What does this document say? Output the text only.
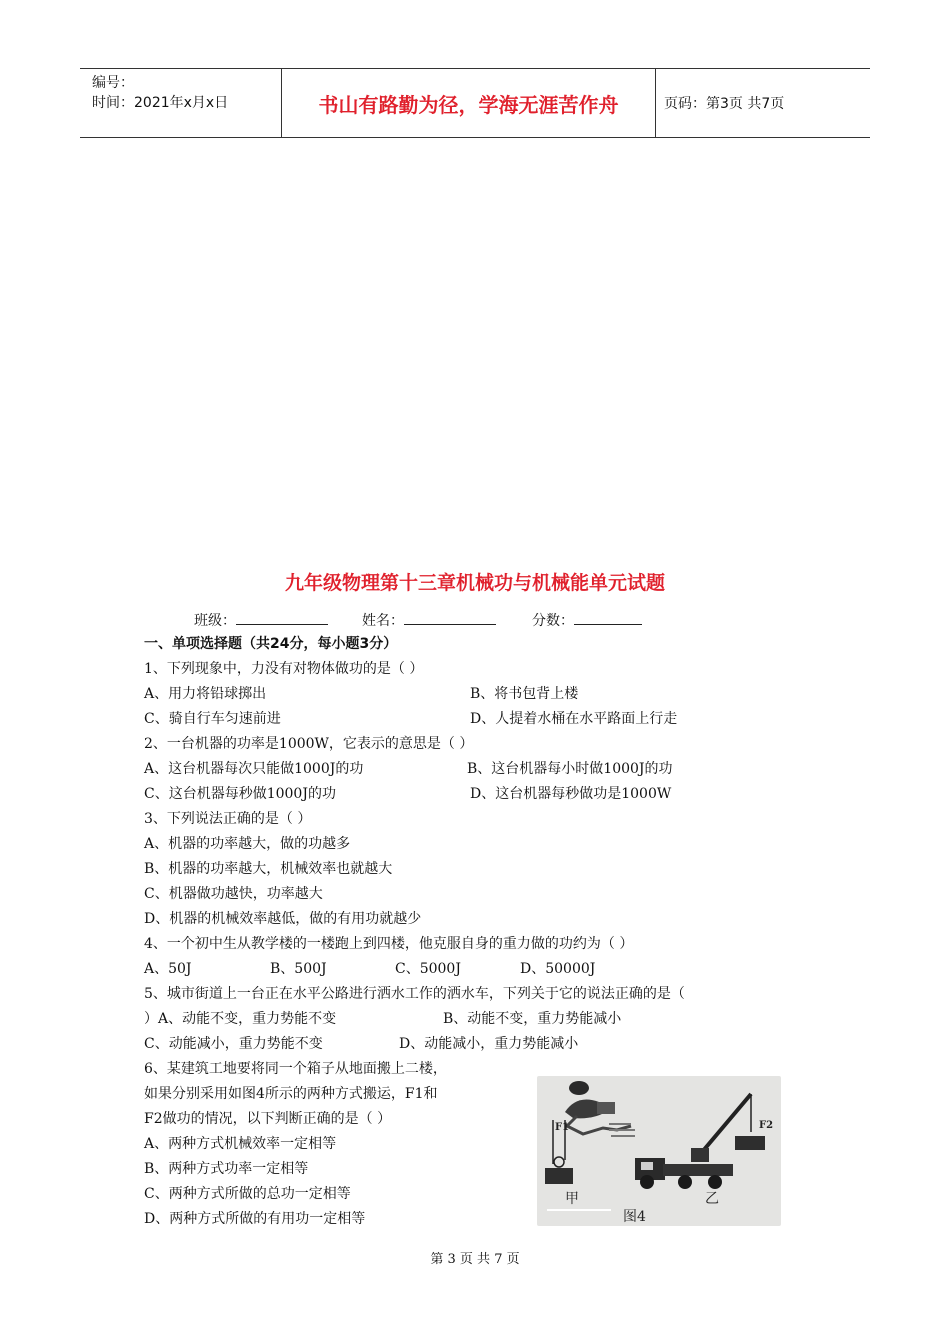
编号：
时间：2021年x月x日	书山有路勤为径，学海无涯苦作舟	页码：第3页 共7页
九年级物理第十三章机械功与机械能单元试题
班级：	姓名：	分数：
一、单项选择题（共24分，每小题3分）
1、下列现象中，力没有对物体做功的是（ ）
A、用力将铅球掷出	B、将书包背上楼
C、骑自行车匀速前进	D、人提着水桶在水平路面上行走
2、一台机器的功率是1000W，它表示的意思是（ ）
A、这台机器每次只能做1000J的功	B、这台机器每小时做1000J的功
C、这台机器每秒做1000J的功	D、这台机器每秒做功是1000W
3、下列说法正确的是（ ）
A、机器的功率越大，做的功越多
B、机器的功率越大，机械效率也就越大
C、机器做功越快，功率越大
D、机器的机械效率越低，做的有用功就越少
4、一个初中生从教学楼的一楼跑上到四楼，他克服自身的重力做的功约为（ ）
A、50J	B、500J	C、5000J	D、50000J
5、城市街道上一台正在水平公路进行洒水工作的洒水车，下列关于它的说法正确的是（
）A、动能不变，重力势能不变	B、动能不变，重力势能减小
C、动能减小，重力势能不变	D、动能减小，重力势能减小
6、某建筑工地要将同一个箱子从地面搬上二楼，
如果分别采用如图4所示的两种方式搬运，F1和
F2做功的情况，以下判断正确的是（ ）
A、两种方式机械效率一定相等
B、两种方式功率一定相等
C、两种方式所做的总功一定相等
D、两种方式所做的有用功一定相等
F1	F2
甲	乙
图4
第 3 页 共 7 页
